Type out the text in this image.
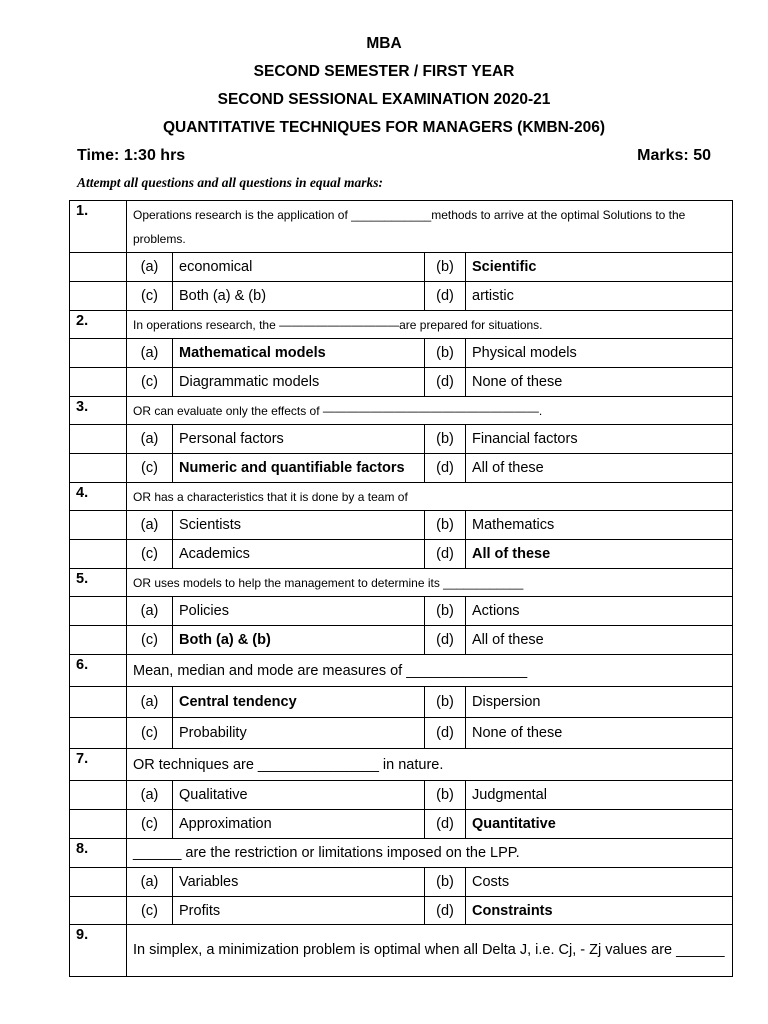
MBA
SECOND SEMESTER / FIRST YEAR
SECOND SESSIONAL EXAMINATION 2020-21
QUANTITATIVE TECHNIQUES FOR MANAGERS (KMBN-206)
Time: 1:30 hrs	Marks: 50
Attempt all questions and all questions in equal marks:
1.	Operations research is the application of ____________methods to arrive at the optimal Solutions to the problems.			
	(a)	economical	(b)	Scientific
	(c)	Both (a) & (b)	(d)	artistic
2.	In operations research, the ——————————are prepared for situations.			
	(a)	Mathematical models	(b)	Physical models
	(c)	Diagrammatic models	(d)	None of these
3.	OR can evaluate only the effects of ——————————————————.			
	(a)	Personal factors	(b)	Financial factors
	(c)	Numeric and quantifiable factors	(d)	All of these
4.	OR has a characteristics that it is done by a team of			
	(a)	Scientists	(b)	Mathematics
	(c)	Academics	(d)	All of these
5.	OR uses models to help the management to determine its ____________			
	(a)	Policies	(b)	Actions
	(c)	Both (a) & (b)	(d)	All of these
6.	Mean, median and mode are measures of _______________			
	(a)	Central tendency	(b)	Dispersion
	(c)	Probability	(d)	None of these
7.	OR techniques are _______________ in nature.			
	(a)	Qualitative	(b)	Judgmental
	(c)	Approximation	(d)	Quantitative
8.	______ are the restriction or limitations imposed on the LPP.			
	(a)	Variables	(b)	Costs
	(c)	Profits	(d)	Constraints
9.	In simplex, a minimization problem is optimal when all Delta J, i.e. Cj, - Zj values are ______			
